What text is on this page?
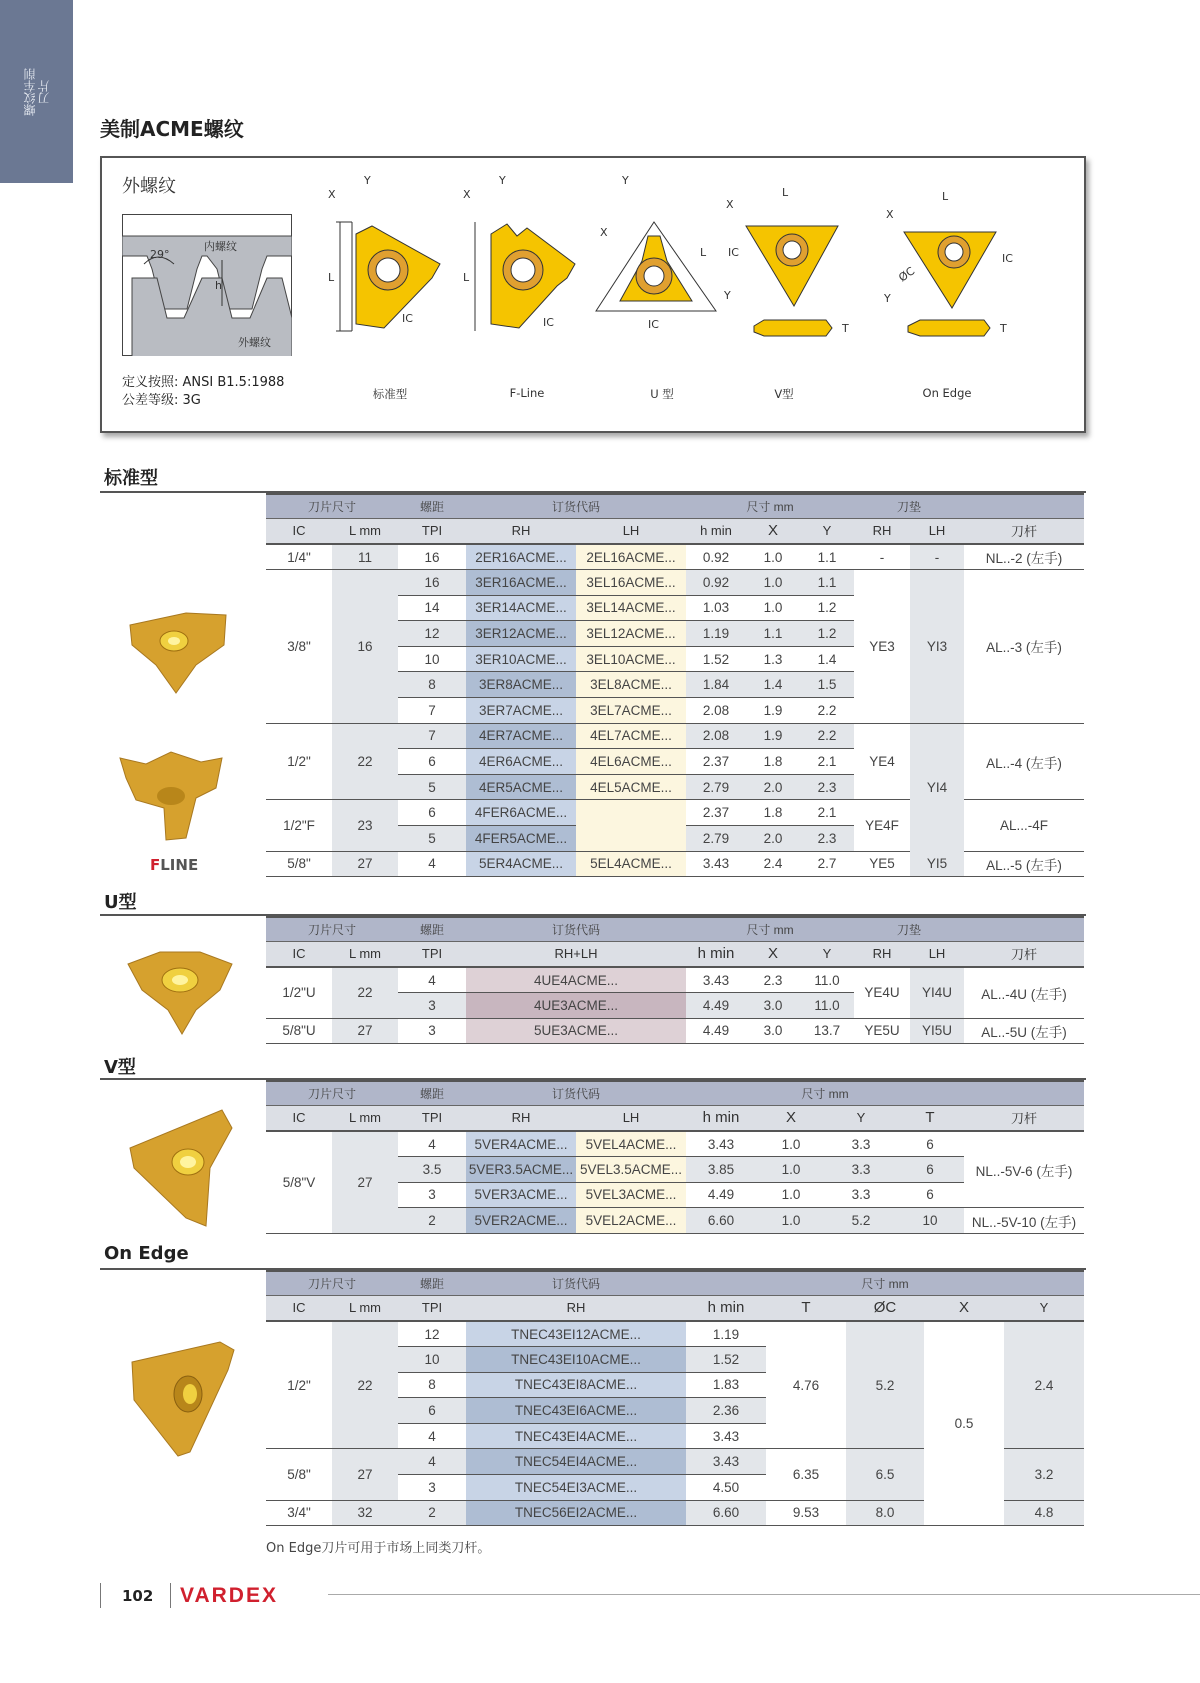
螺纹车削
刀片
美制ACME螺纹
外螺纹
29°
内螺纹
h
外螺纹
定义按照: ANSI B1.5:1988
公差等级: 3G
L
X
Y
IC
标准型
L
X
Y
IC
F-Line
Y
X
L
IC
U 型
L
X
IC
Y
T
V型
L
X
IC
ØC
Y
T
On Edge
标准型
FLINE
刀片尺寸		螺距	订货代码		尺寸 mm			刀垫		
IC	L mm	TPI	RH	LH	h min	X	Y	RH	LH	刀杆
1/4"	11	16	2ER16ACME...	2EL16ACME...	0.92	1.0	1.1	-	-	NL..-2 (左手)
3/8"	16	16	3ER16ACME...	3EL16ACME...	0.92	1.0	1.1	YE3	YI3	AL..-3 (左手)
		14	3ER14ACME...	3EL14ACME...	1.03	1.0	1.2			
		12	3ER12ACME...	3EL12ACME...	1.19	1.1	1.2			
		10	3ER10ACME...	3EL10ACME...	1.52	1.3	1.4			
		8	3ER8ACME...	3EL8ACME...	1.84	1.4	1.5			
		7	3ER7ACME...	3EL7ACME...	2.08	1.9	2.2			
1/2"	22	7	4ER7ACME...	4EL7ACME...	2.08	1.9	2.2	YE4	YI4	AL..-4 (左手)
		6	4ER6ACME...	4EL6ACME...	2.37	1.8	2.1			
		5	4ER5ACME...	4EL5ACME...	2.79	2.0	2.3			
1/2"F	23	6	4FER6ACME...		2.37	1.8	2.1	YE4F		AL...-4F
		5	4FER5ACME...		2.79	2.0	2.3			
5/8"	27	4	5ER4ACME...	5EL4ACME...	3.43	2.4	2.7	YE5	YI5	AL..-5 (左手)
U型
刀片尺寸		螺距	订货代码	尺寸 mm			刀垫		
IC	L mm	TPI	RH+LH	h min	X	Y	RH	LH	刀杆
1/2"U	22	4	4UE4ACME...	3.43	2.3	11.0	YE4U	YI4U	AL..-4U (左手)
		3	4UE3ACME...	4.49	3.0	11.0			
5/8"U	27	3	5UE3ACME...	4.49	3.0	13.7	YE5U	YI5U	AL..-5U (左手)
V型
刀片尺寸		螺距	订货代码		尺寸 mm				
IC	L mm	TPI	RH	LH	h min	X	Y	T	刀杆
5/8"V	27	4	5VER4ACME...	5VEL4ACME...	3.43	1.0	3.3	6	NL..-5V-6 (左手)
		3.5	5VER3.5ACME...	5VEL3.5ACME...	3.85	1.0	3.3	6	
		3	5VER3ACME...	5VEL3ACME...	4.49	1.0	3.3	6	
		2	5VER2ACME...	5VEL2ACME...	6.60	1.0	5.2	10	NL..-5V-10 (左手)
On Edge
刀片尺寸		螺距	订货代码	尺寸 mm				
IC	L mm	TPI	RH	h min	T	ØC	X	Y
1/2"	22	12	TNEC43EI12ACME...	1.19	4.76	5.2	0.5	2.4
		10	TNEC43EI10ACME...	1.52				
		8	TNEC43EI8ACME...	1.83				
		6	TNEC43EI6ACME...	2.36				
		4	TNEC43EI4ACME...	3.43				
5/8"	27	4	TNEC54EI4ACME...	3.43	6.35	6.5		3.2
		3	TNEC54EI3ACME...	4.50				
3/4"	32	2	TNEC56EI2ACME...	6.60	9.53	8.0		4.8
On Edge刀片可用于市场上同类刀杆。
102 VARDEX
